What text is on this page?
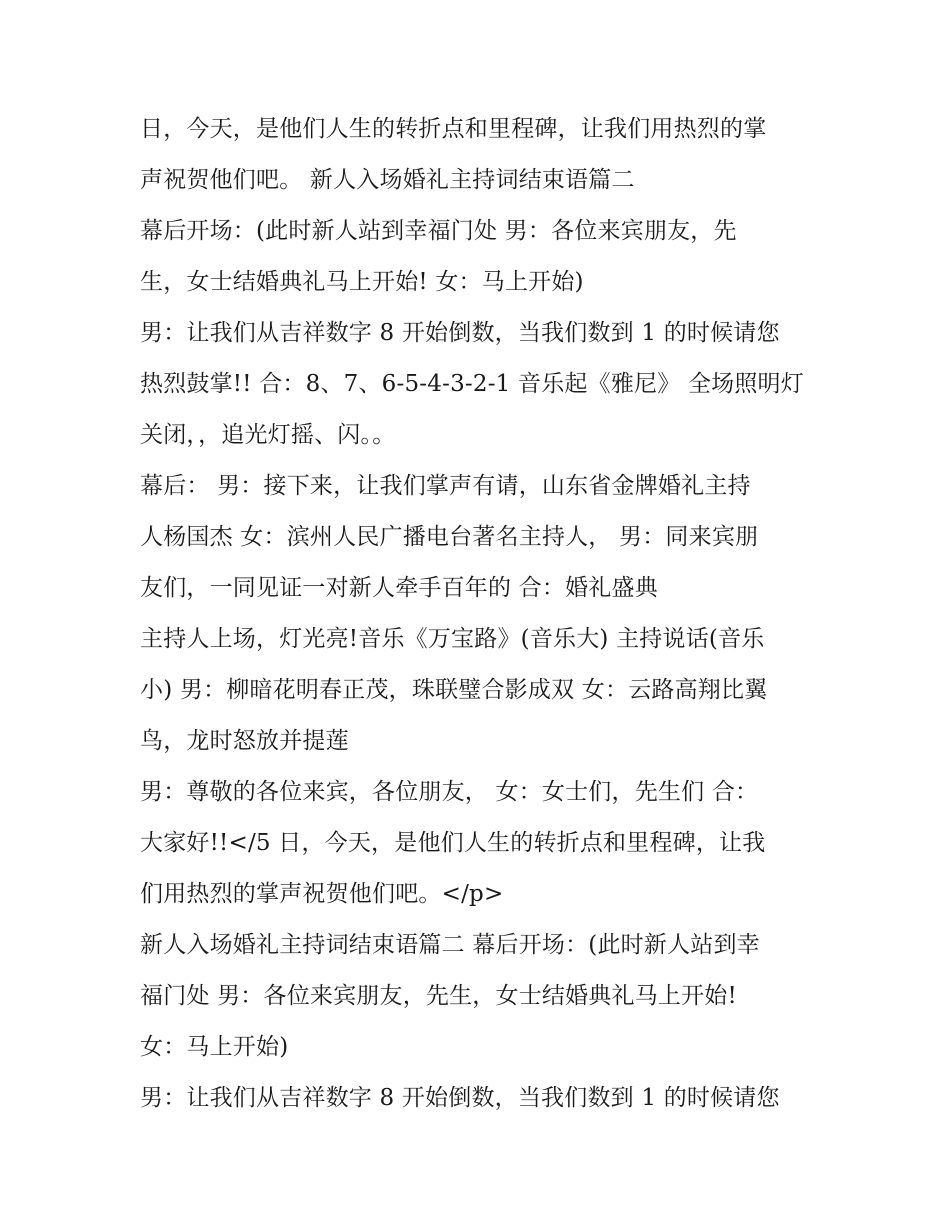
日，今天，是他们人生的转折点和里程碑，让我们用热烈的掌
声祝贺他们吧。 新人入场婚礼主持词结束语篇二
幕后开场：(此时新人站到幸福门处 男：各位来宾朋友，先
生，女士结婚典礼马上开始! 女：马上开始)
男：让我们从吉祥数字 8 开始倒数，当我们数到 1 的时候请您
热烈鼓掌!! 合：8、7、6-5-4-3-2-1 音乐起《雅尼》 全场照明灯
关闭，，追光灯摇、闪。。
幕后： 男：接下来，让我们掌声有请，山东省金牌婚礼主持
人杨国杰 女：滨州人民广播电台著名主持人， 男：同来宾朋
友们，一同见证一对新人牵手百年的 合：婚礼盛典
主持人上场，灯光亮!音乐《万宝路》(音乐大) 主持说话(音乐
小) 男：柳暗花明春正茂，珠联璧合影成双 女：云路高翔比翼
鸟，龙时怒放并提莲
男：尊敬的各位来宾，各位朋友， 女：女士们，先生们 合：
大家好!!</5 日，今天，是他们人生的转折点和里程碑，让我
们用热烈的掌声祝贺他们吧。</p>
新人入场婚礼主持词结束语篇二 幕后开场：(此时新人站到幸
福门处 男：各位来宾朋友，先生，女士结婚典礼马上开始!
女：马上开始)
男：让我们从吉祥数字 8 开始倒数，当我们数到 1 的时候请您
